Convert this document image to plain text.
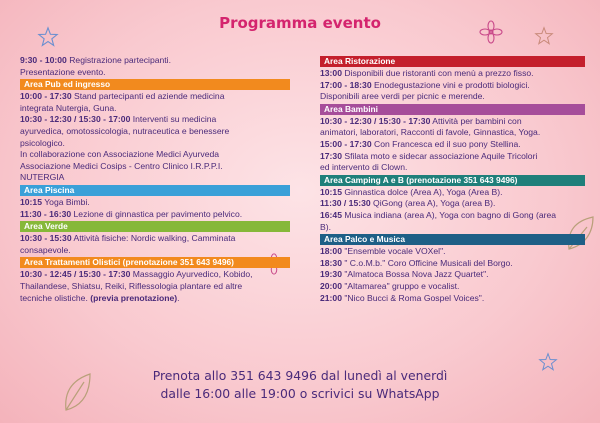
Programma evento
9:30 - 10:00 Registrazione partecipanti.
Presentazione evento.
Area Pub ed ingresso
10:00 - 17:30 Stand partecipanti ed aziende medicina
integrata Nutergia, Guna.
10:30 - 12:30 / 15:30 - 17:00 Interventi su medicina
ayurvedica, omotossicologia, nutraceutica e benessere
psicologico.
In collaborazione con Associazione Medici Ayurveda
Associazione Medici Cosips - Centro Clinico I.R.P.P.I.
NUTERGIA
Area Piscina
10:15 Yoga Bimbi.
11:30 - 16:30 Lezione di ginnastica per pavimento pelvico.
Area Verde
10:30 - 15:30 Attività fisiche: Nordic walking, Camminata
consapevole.
Area Trattamenti Olistici (prenotazione 351 643 9496)
10:30 - 12:45 / 15:30 - 17:30 Massaggio Ayurvedico, Kobido,
Thailandese, Shiatsu, Reiki, Riflessologia plantare ed altre
tecniche olistiche. (previa prenotazione).
Area Ristorazione
13:00 Disponibili due ristoranti con menù a prezzo fisso.
17:00 - 18:30 Enodegustazione vini e prodotti biologici.
Disponibili aree verdi per picnic e merende.
Area Bambini
10:30 - 12:30 / 15:30 - 17:30 Attività per bambini con
animatori, laboratori, Racconti di favole, Ginnastica, Yoga.
15:00 - 17:30 Con Francesca ed il suo pony Stellina.
17:30 Sfilata moto e sidecar associazione Aquile Tricolori
ed intervento di Clown.
Area Camping A e B (prenotazione 351 643 9496)
10:15 Ginnastica dolce (Area A), Yoga (Area B).
11:30 / 15:30 QiGong (area A), Yoga (area B).
16:45 Musica indiana (area A), Yoga con bagno di Gong (area
B).
Area Palco e Musica
18:00 "Ensemble vocale VOXel".
18:30 " C.o.M.b." Coro Officine Musicali del Borgo.
19:30 "Almatoca Bossa Nova Jazz Quartet".
20:00 "Altamarea" gruppo e vocalist.
21:00 "Nico Bucci & Roma Gospel Voices".
Prenota allo 351 643 9496 dal lunedì al venerdì
dalle 16:00 alle 19:00 o scrivici su WhatsApp
